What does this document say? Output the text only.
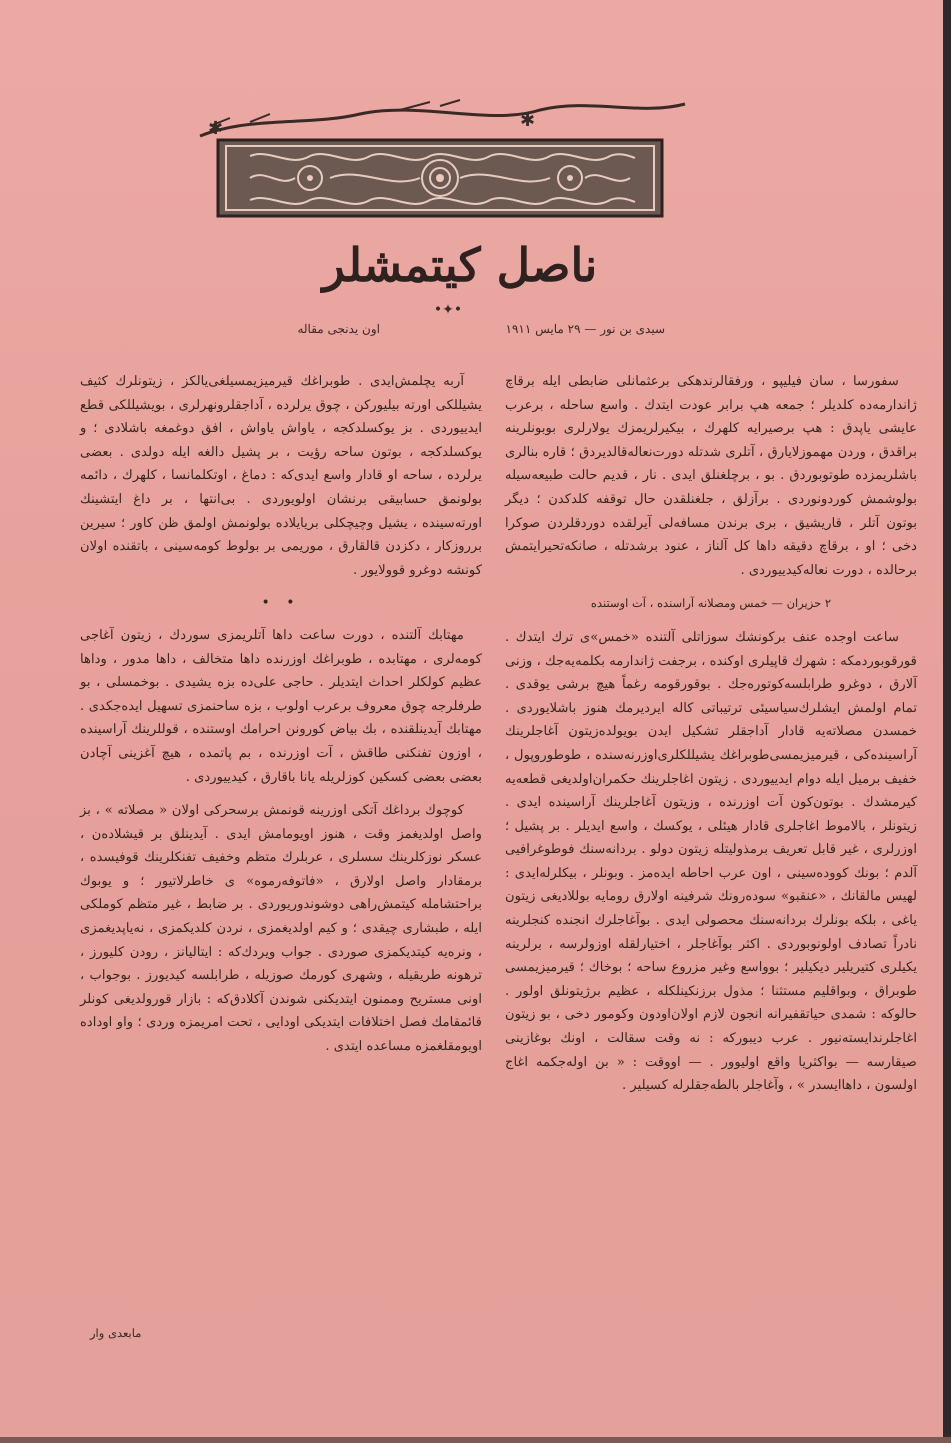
✱	✱
ناصل كیتمشلر
•✦•
سیدی بن نور — ۲۹ مایس ۱۹۱۱
اون یدنجی مقاله

سفورسا ، سان فیلیپو ، ورفقالرندهكی برعثمانلی ضابطی ایله برقاچ ژاندارمه‌ده كلدیلر ؛ جمعه هپ برابر عودت ایتدك . واسع ساحله ، برعرب عایشی یاپدق : هپ برصیرایه كلهرك ، بیكیرلریمزك یولارلری بوبونلرینه براقدق ، وردن مهموزلایارق ، آتلری شدتله دورت‌نعاله‌قالدیردق ؛ قاره بنالری باشلریمزده طوتوبوردق . بو ، برچلغنلق ایدی . نار ، قدیم حالت طبیعه‌سیله بولوشمش كوردونوردی . برآزلق ، جلغنلقدن حال توقفه كلدكدن ؛ دیگر بوتون آتلر ، قاریشیق ، بری برندن مسافه‌لی آیرلقده دوردقلردن صوكرا دخی ؛ او ، برقاچ دقیقه داها كل آلناز ، عنود برشدتله ، صانكه‌تحیرایتمش برحالده ، دورت نعاله‌كیدییوردی .

۲ حزیران — خمس ومصلانه آراسنده ، آت اوستنده

ساعت اوجده عنف بركونشك سوزاتلی آلتنده «خمس»ی ترك ایتدك . قورقوبوردمكه : شهرك قاپیلری اوكنده ، برجفت ژاندارمه بكلمه‌یه‌جك ، وزنی آلارق ، دوغرو طرابلسه‌كوتوره‌جك . بوقورقومه رغماً هیچ برشی یوقدی . تمام اولمش ایشلرك‌سیاسیئی ترتیباتی كاله ایردیرمك هنوز باشلایوردی . خمسدن مصلاته‌یه قادار آداجقلر تشكیل ایدن بویولده‌زیتون آغاجلرینك آراسینده‌كی ، قیرمیزیمسی‌طوبراغك یشیللكلری‌اوزرنه‌سنده ، طوطوروپول ، خفیف برمیل ایله دوام ایدییوردی . زیتون اغاجلرینك حكمران‌اولدیغی قطعه‌یه كیرمشدك . بوتون‌كون آت اوزرنده ، وزیتون آغاجلرینك آراسینده ایدی . زیتونلر ، بالاموط اغاجلری قادار هیئلی ، یوكسك ، واسع ایدیلر . بر پشیل ؛ اوزرلری ، غیر قابل تعریف برمذولیتله زیتون دولو . بردانه‌سنك فوطوغرافیی آلدم ؛ بونك كووده‌سینی ، اون عرب احاطه ایده‌مز . وبونلر ، بیكلرله‌ایدی : لهیس مالقانك ، «عنقبو» سوده‌رونك شرفینه اولارق رومایه بوللادیغی زیتون یاغی ، بلكه بونلرك بردانه‌سنك محصولی ایدی . بوآغاجلرك انجنده كنجلرینه نادراً تصادف اولونوبوردی . اكثر بوآغاجلر ، اختیارلقله اوزولرسه ، برلرینه یكیلری كتیریلیر دیكیلیر ؛ بوواسع وغیر مزروع ساحه ؛ بوخاك ؛ قیرمیزیمسی طوبراق ، وبواقلیم مستثنا ؛ مذول برزنكینلكله ، عظیم برژیتونلق اولور . حالوكه : شمدی حیاتقفیرانه انجون لازم اولان‌اودون وكومور دخی ، بو زیتون اغاجلرندایسته‌نیور . عرب دیبوركه : نه وقت سقالت ، اونك بوغازینی صیقارسه — بواكثریا واقع اولیوور . — اووقت : « بن اوله‌جكمه اغاج اولسون ، داهاایسدر » ، وآغاجلر بالطه‌جقلرله كسیلیر .

آربه یچلمش‌ایدی . طوبراغك قیرمیزیمسیلغی‌یالكز ، زیتونلرك كثیف یشیللكی اورته بیلیوركن ، چوق یرلرده ، آداجقلرونهرلری ، بویشیللكی قطع ایدییوردی . بز یوكسلدكجه ، یاواش یاواش ، افق دوغمغه باشلادی ؛ و یوكسلدكجه ، بوتون ساحه رؤیت ، بر پشیل دالغه ایله دولدی . بعضی یرلرده ، ساحه او قادار واسع ایدی‌كه : دماغ ، اوتكلمانسا ، كلهرك ، دائمه بولونمق حسابیقی برنشان اولویوردی . بی‌انتها ، بر داغ ایتشینك اورته‌سینده ، یشیل وچیچكلی بریایلاده بولونمش اولمق ظن كاور ؛ سیرین برروزكار ، دكزدن قالقارق ، موریمی بر بولوط كومه‌سینی ، باتقنده اولان كونشه دوغرو قوولایور .

• •

مهتابك آلتنده ، دورت ساعت داها آتلریمزی سوردك ، زیتون آغاجی كومه‌لری ، مهتابده ، طوبراغك اوزرنده داها متخالف ، داها مدور ، وداها عظیم كولكلر احداث ایتدیلر . حاجی علی‌ده بزه یشیدی . بوخمسلی ، بو طرفلرجه چوق معروف برعرب اولوب ، بزه ساحنمزی تسهیل ایده‌جكدی . مهتابك آیدینلقنده ، بك بیاض كورونن احرامك اوستنده ، قوللرینك آراسینده ، اوزون تفنكنی طاقش ، آت اوزرنده ، بم پاتمده ، هیچ آغزینی آچادن بعضی بعضی كسكین كوزلریله یانا باقارق ، كیدییوردی .

كوچوك برداغك آتكی اوزرینه قونمش برسحركی اولان « مصلاته » ، بز واصل اولدیغمز وقت ، هنوز اویومامش ایدی . آیدینلق بر قیشلاده‌ن ، عسكر نوزكلرینك سسلری ، عربلرك متظم وخفیف تفنكلرینك قوفیسده ، برمقادار واصل اولارق ، «فاتوفه‌رموه» ی خاطرلاتیور ؛ و یوبوك براحتشامله كیتمش‌راهی دوشوندوریوردی . بر ضابط ، غیر متظم كوملكی ایله ، طبشاری چیقدی ؛ و كیم اولدیغمزی ، نردن كلدیكمزی ، نه‌یاپدیغمزی ، ونره‌یه كیتدیكمزی صوردی . جواب ویردك‌كه : ایتالیانز ، رودن كلیورز ، ترهونه طریقیله ، وشهری كورمك صوزیله ، طرابلسه كیدیورز . بوجواب ، اونی مستریح وممنون ایتدیكنی شوندن آكلادق‌كه : بازار قورولدیغی كونلر قائمقامك فصل اختلافات ایتدیكی اودایی ، تحت امریمزه وردی ؛ واو اوداده اویومقلغمزه مساعده ایتدی .

مابعدی وار
